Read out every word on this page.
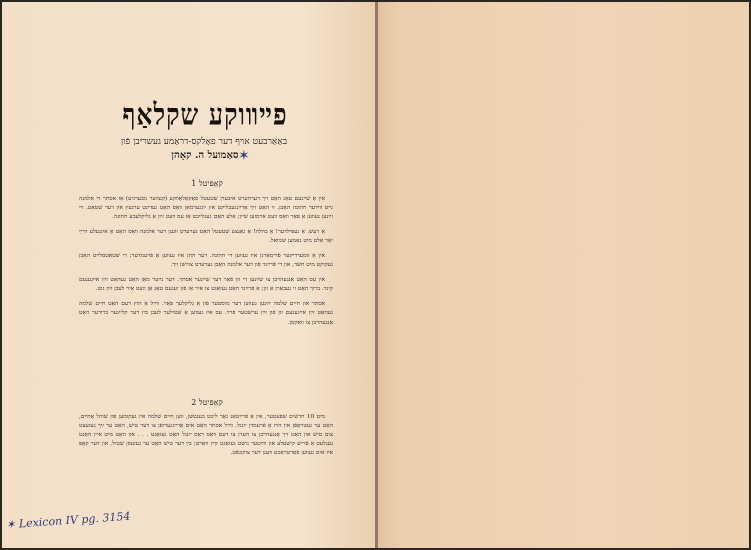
פײװוקע שקלאַף
באַאַרבעט אױף דער פאָלקס-דראַמע געשריבן פֿון
סאַמועל ה. קאָהן ✶
קאַפּיטל 1

אין אַ שײנעם טאָג האָט זיך דערהערט איבערן שטעטל סאַקאָלאָװקע (קעװער גובערניע) אַז אסתר די אלמנה גײט װידער חתונה האָבן. זי האָט זיך אַרײַנגעבליקט אין יונגערמאַן װאָס האָט געדינט ערגעץ אין דער שטאָט. זײ זײַנען געװען אַ פּאָר װאָס װעט אױסזען שײן; אַלע האָבן געגלײבט אַז עס װעט זײַן אַ גליקלעכע חתונה.

אַ רעש. אַ געפּילדער! אַ בהלה! אַ גאַנצע שטעטל האָט גערעדט װעגן דער אלמנה װאָס האָט אַ אינגעלע דרײַ יאָר אַלט מיט נאָמען שמואל.

אין אַ זומערדיקער פֿרימאָרגן איז געװען די חתונה. דער חתן איז געװען אַ פֿרעמדער; די שטאָטסלײַט האָבן געקוקט מיט חשד, און די פֿרײַנד פֿון דער אלמנה האָבן גערעדט צװישן זיך.

אין עס האָט אָנגעהױבן צו שײַנען די זון פֿאַר דער שײנער אסתר. דער נײַער מאַן האָט געהאַט זײַן אײגענעם קינד. ברוך האָט זי געבאָרן אַ זון; אַ פֿרײַנד האָט געזאָגט צו איר אַז פֿון יענעם טאָג אָן װעט איר לעבן זײַן גוט.

אסתר און חיים שלמה זײַנען געװען דער מוסטער פֿון אַ גליקלעך פּאָר. װײַל אַ חוץ דעם האָט חיים שלמה געהאַט זײַן אײגענעם זון פֿון זײַן ערשטער פֿרױ. עס איז געװען אַ שטילער לעבן ביז דער קלײנער ברודער האָט אָנגעהױבן צו װאַקסן.

קאַפּיטל 2

מיט 10 חדשים שפּעטער, אין אַ פֿרײַטאָג נאָך ליכט בענטשן, װען חיים שלמה איז געקומען פֿון שוהל אַהײם, האָט ער געטראָפֿן אין הױז אַ פֿרעמדן ייִנגל. װײַל אסתר האָט אים אַרײַנגערופֿן צו דער טיש, האָט ער זיך געזעצט צום טיש און האָט זיך אָנגעהױבן צו הערן צו דעם װאָס דאָס ייִנגל האָט געזאָגט . . . און האָט מיט איין האַנט געגלעט אַ פֿריש קישעלע און װײַטער נישט געזאָגט קײן װאָרט; בײַ דער טיש האָט ער געזעסן שטיל, און דער קאָפּ איז אים געװען פֿאַרטראַכט װעגן דער צוקונפֿט.

✶ Lexicon IV pg. 3154
